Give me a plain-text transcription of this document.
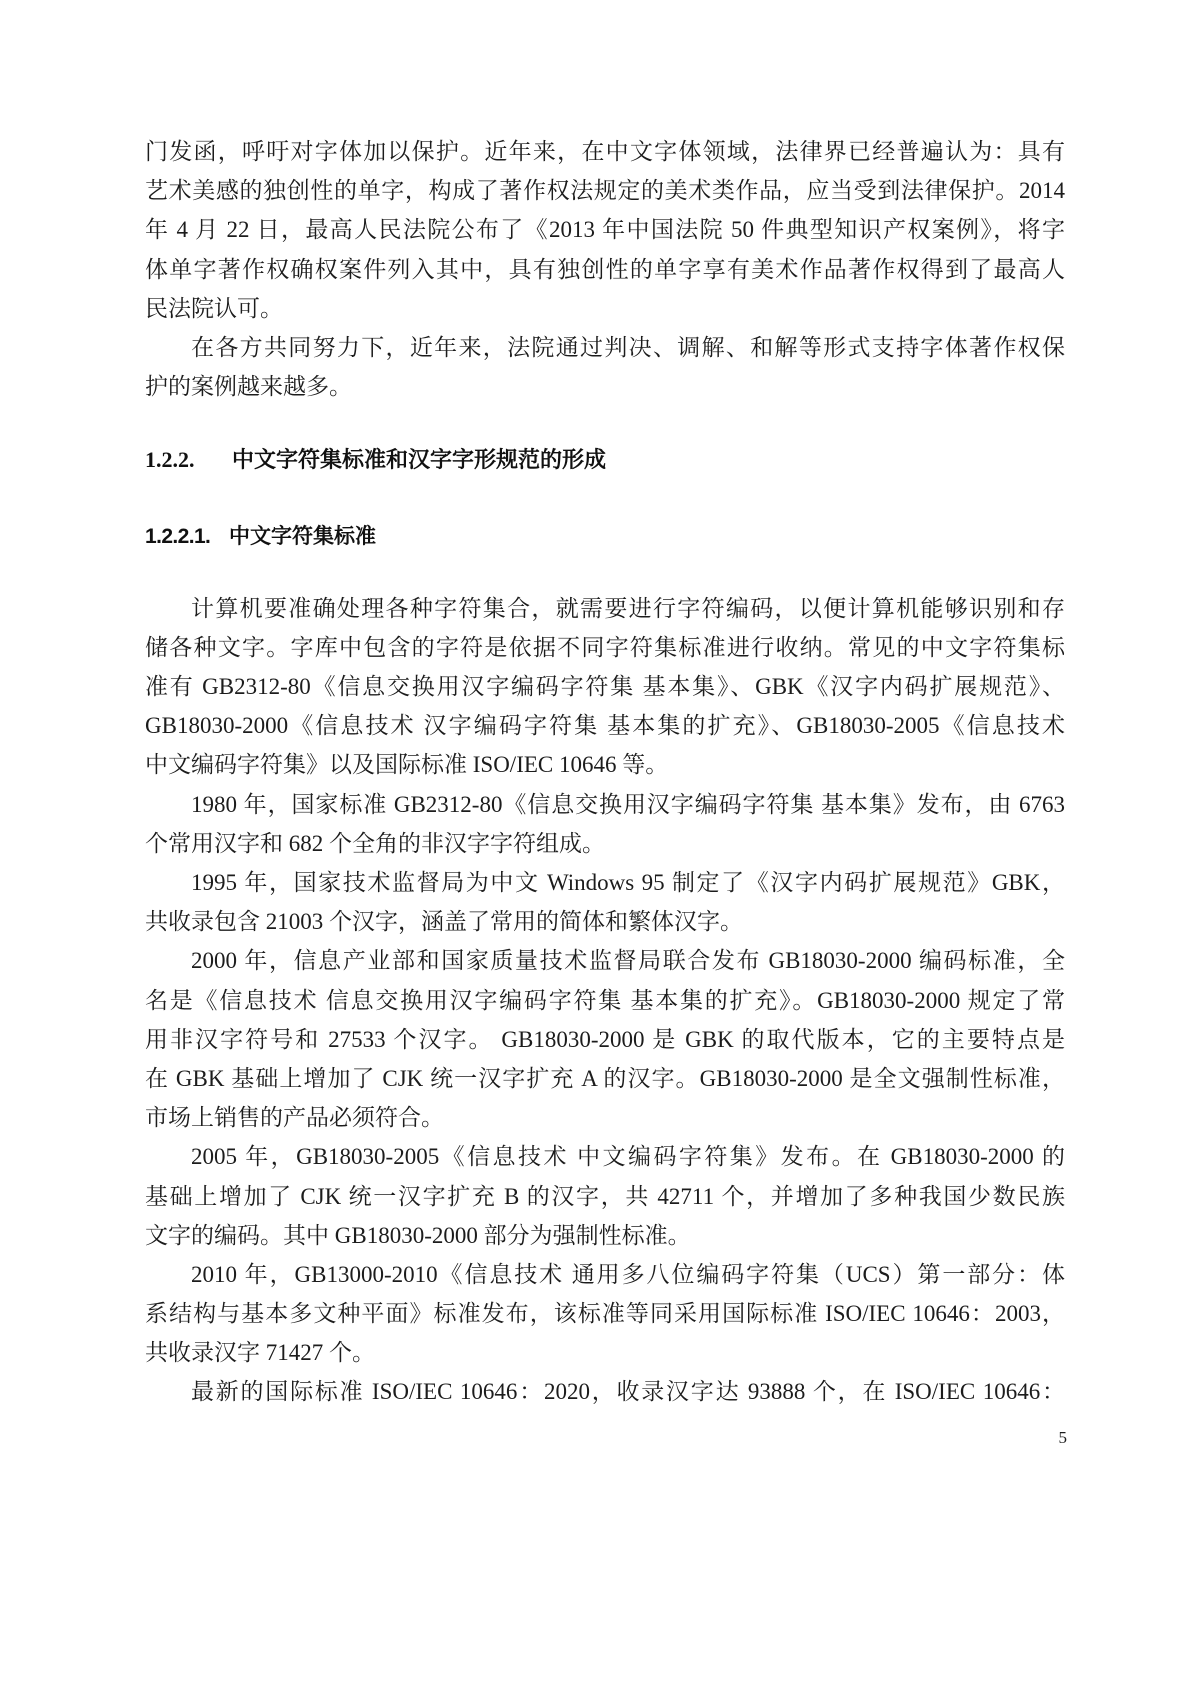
门发函，呼吁对字体加以保护。近年来，在中文字体领域，法律界已经普遍认为：具有
艺术美感的独创性的单字，构成了著作权法规定的美术类作品，应当受到法律保护。2014
年 4 月 22 日，最高人民法院公布了《2013 年中国法院 50 件典型知识产权案例》，将字
体单字著作权确权案件列入其中，具有独创性的单字享有美术作品著作权得到了最高人
民法院认可。
在各方共同努力下，近年来，法院通过判决、调解、和解等形式支持字体著作权保
护的案例越来越多。
1.2.2. 中文字符集标准和汉字字形规范的形成
1.2.2.1. 中文字符集标准
计算机要准确处理各种字符集合，就需要进行字符编码，以便计算机能够识别和存
储各种文字。字库中包含的字符是依据不同字符集标准进行收纳。常见的中文字符集标
准有 GB2312-80《信息交换用汉字编码字符集 基本集》、GBK《汉字内码扩展规范》、
GB18030-2000《信息技术 汉字编码字符集 基本集的扩充》、GB18030-2005《信息技术
中文编码字符集》以及国际标准 ISO/IEC 10646 等。
1980 年，国家标准 GB2312-80《信息交换用汉字编码字符集 基本集》发布，由 6763
个常用汉字和 682 个全角的非汉字字符组成。
1995 年，国家技术监督局为中文 Windows 95 制定了《汉字内码扩展规范》GBK，
共收录包含 21003 个汉字，涵盖了常用的简体和繁体汉字。
2000 年，信息产业部和国家质量技术监督局联合发布 GB18030-2000 编码标准，全
名是《信息技术 信息交换用汉字编码字符集 基本集的扩充》。GB18030-2000 规定了常
用非汉字符号和 27533 个汉字。 GB18030-2000 是 GBK 的取代版本，它的主要特点是
在 GBK 基础上增加了 CJK 统一汉字扩充 A 的汉字。GB18030-2000 是全文强制性标准，
市场上销售的产品必须符合。
2005 年，GB18030-2005《信息技术 中文编码字符集》发布。在 GB18030-2000 的
基础上增加了 CJK 统一汉字扩充 B 的汉字，共 42711 个，并增加了多种我国少数民族
文字的编码。其中 GB18030-2000 部分为强制性标准。
2010 年，GB13000-2010《信息技术 通用多八位编码字符集（UCS）第一部分：体
系结构与基本多文种平面》标准发布，该标准等同采用国际标准 ISO/IEC 10646：2003，
共收录汉字 71427 个。
最新的国际标准 ISO/IEC 10646：2020，收录汉字达 93888 个，在 ISO/IEC 10646：
5
